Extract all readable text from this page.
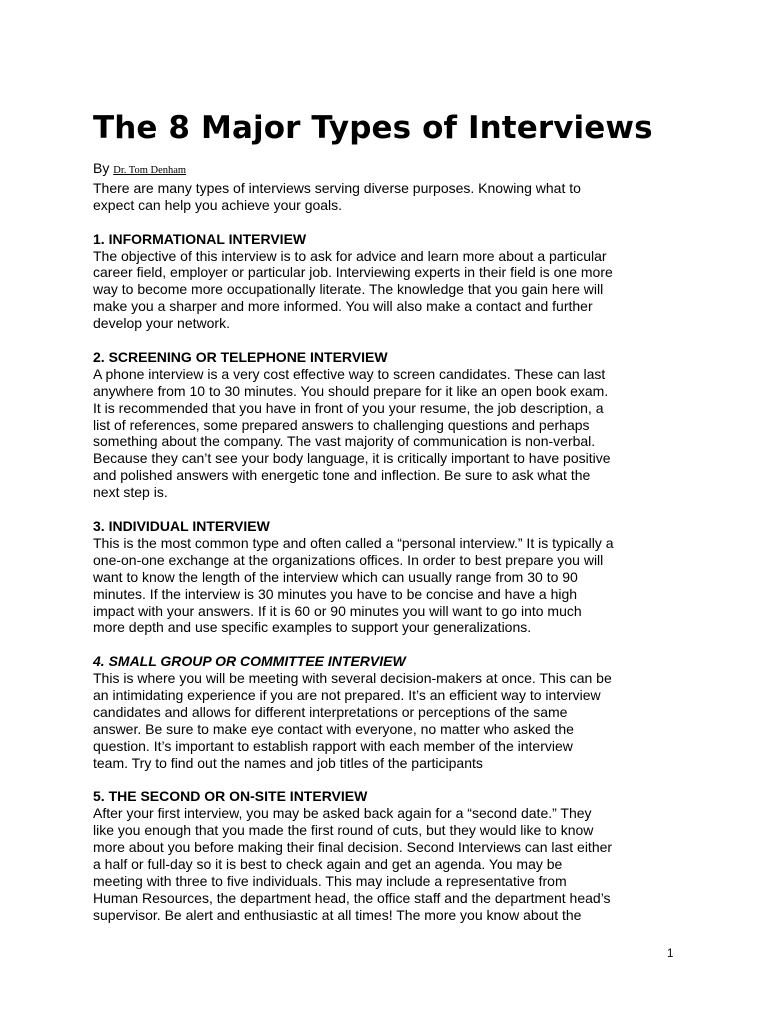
The 8 Major Types of Interviews
By Dr. Tom Denham
There are many types of interviews serving diverse purposes. Knowing what to
expect can help you achieve your goals.
1. INFORMATIONAL INTERVIEW
The objective of this interview is to ask for advice and learn more about a particular
career field, employer or particular job. Interviewing experts in their field is one more
way to become more occupationally literate. The knowledge that you gain here will
make you a sharper and more informed. You will also make a contact and further
develop your network.
2. SCREENING OR TELEPHONE INTERVIEW
A phone interview is a very cost effective way to screen candidates. These can last
anywhere from 10 to 30 minutes. You should prepare for it like an open book exam.
It is recommended that you have in front of you your resume, the job description, a
list of references, some prepared answers to challenging questions and perhaps
something about the company. The vast majority of communication is non-verbal.
Because they can’t see your body language, it is critically important to have positive
and polished answers with energetic tone and inflection. Be sure to ask what the
next step is.
3. INDIVIDUAL INTERVIEW
This is the most common type and often called a “personal interview.” It is typically a
one-on-one exchange at the organizations offices. In order to best prepare you will
want to know the length of the interview which can usually range from 30 to 90
minutes. If the interview is 30 minutes you have to be concise and have a high
impact with your answers. If it is 60 or 90 minutes you will want to go into much
more depth and use specific examples to support your generalizations.
4. SMALL GROUP OR COMMITTEE INTERVIEW
This is where you will be meeting with several decision-makers at once. This can be
an intimidating experience if you are not prepared. It’s an efficient way to interview
candidates and allows for different interpretations or perceptions of the same
answer. Be sure to make eye contact with everyone, no matter who asked the
question. It’s important to establish rapport with each member of the interview
team. Try to find out the names and job titles of the participants
5. THE SECOND OR ON-SITE INTERVIEW
After your first interview, you may be asked back again for a “second date.” They
like you enough that you made the first round of cuts, but they would like to know
more about you before making their final decision. Second Interviews can last either
a half or full-day so it is best to check again and get an agenda. You may be
meeting with three to five individuals. This may include a representative from
Human Resources, the department head, the office staff and the department head’s
supervisor. Be alert and enthusiastic at all times! The more you know about the
1
